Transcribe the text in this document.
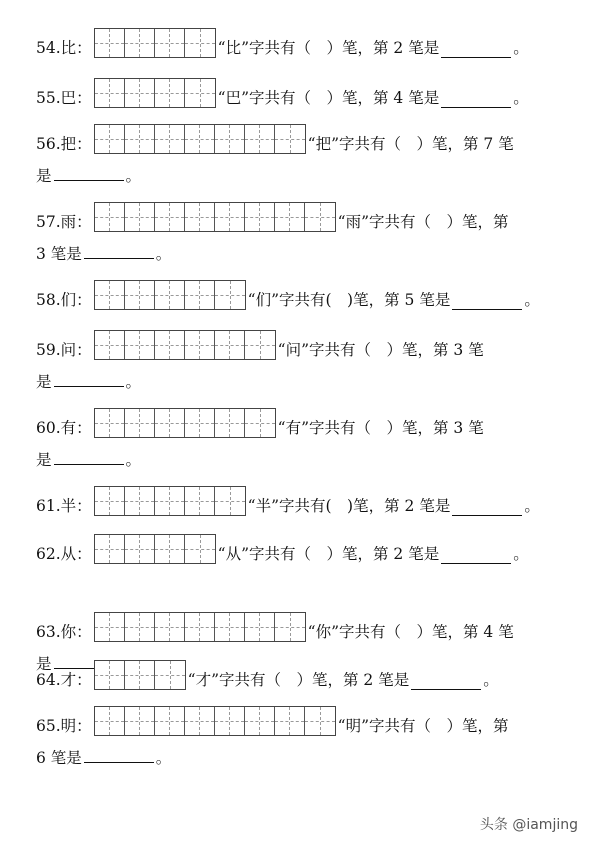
54.比：	“比”字共有（　）笔，第 2 笔是	。
55.巴：	“巴”字共有（　）笔，第 4 笔是	。
56.把：	“把”字共有（　）笔，第 7 笔
是	。
57.雨：	“雨”字共有（　）笔，第
3 笔是	。
58.们：	“们”字共有(　)笔，第 5 笔是	。
59.问：	“问”字共有（　）笔，第 3 笔
是	。
60.有：	“有”字共有（　）笔，第 3 笔
是	。
61.半：	“半”字共有(　)笔，第 2 笔是	。
62.从：	“从”字共有（　）笔，第 2 笔是	。
63.你：	“你”字共有（　）笔，第 4 笔
是
64.才：	“才”字共有（　）笔，第 2 笔是	。
65.明：	“明”字共有（　）笔，第
6 笔是	。
头条 @iamjing
